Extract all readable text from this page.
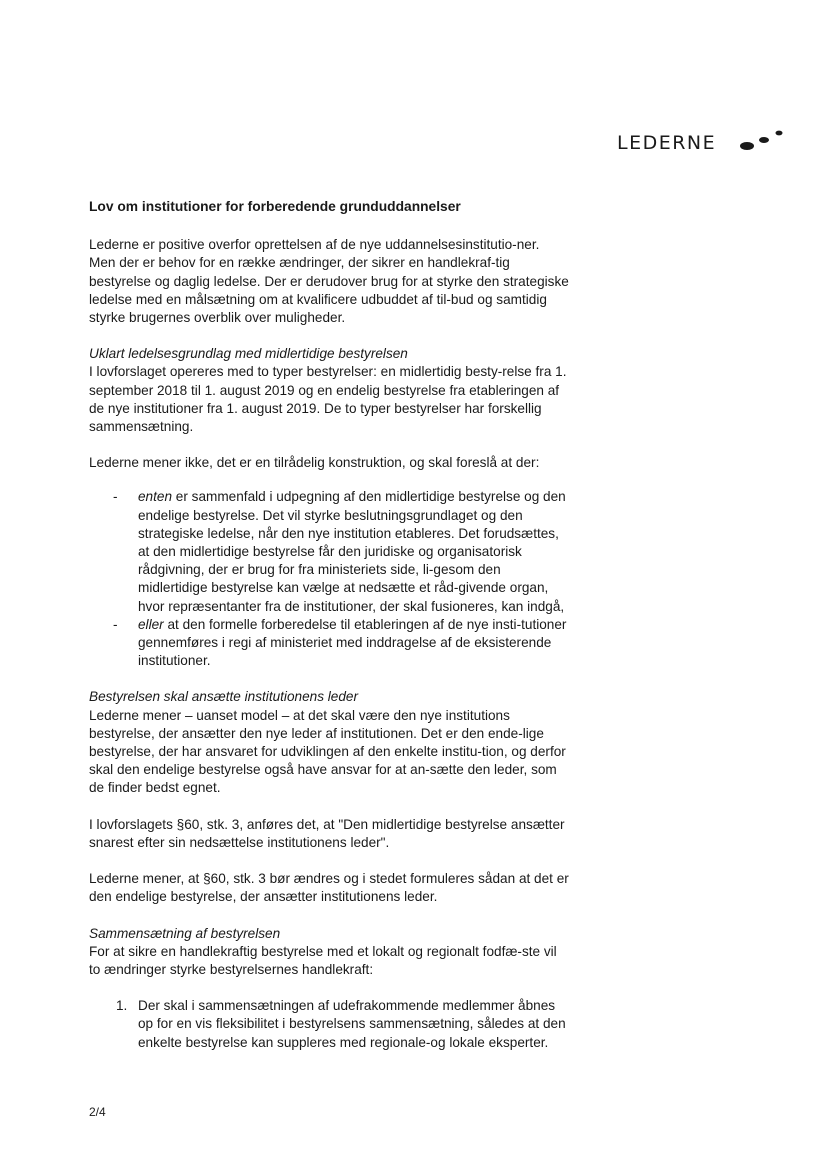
LEDERNE

Lov om institutioner for forberedende grunduddannelser

Lederne er positive overfor oprettelsen af de nye uddannelsesinstitutio-ner. Men der er behov for en række ændringer, der sikrer en handlekraf-tig bestyrelse og daglig ledelse. Der er derudover brug for at styrke den strategiske ledelse med en målsætning om at kvalificere udbuddet af til-bud og samtidig styrke brugernes overblik over muligheder.

Uklart ledelsesgrundlag med midlertidige bestyrelsen

I lovforslaget opereres med to typer bestyrelser: en midlertidig besty-relse fra 1. september 2018 til 1. august 2019 og en endelig bestyrelse fra etableringen af de nye institutioner fra 1. august 2019. De to typer bestyrelser har forskellig sammensætning.

Lederne mener ikke, det er en tilrådelig konstruktion, og skal foreslå at der:

- enten er sammenfald i udpegning af den midlertidige bestyrelse og den endelige bestyrelse. Det vil styrke beslutningsgrundlaget og den strategiske ledelse, når den nye institution etableres. Det forudsættes, at den midlertidige bestyrelse får den juridiske og organisatorisk rådgivning, der er brug for fra ministeriets side, li-gesom den midlertidige bestyrelse kan vælge at nedsætte et råd-givende organ, hvor repræsentanter fra de institutioner, der skal fusioneres, kan indgå,
- eller at den formelle forberedelse til etableringen af de nye insti-tutioner gennemføres i regi af ministeriet med inddragelse af de eksisterende institutioner.

Bestyrelsen skal ansætte institutionens leder

Lederne mener – uanset model – at det skal være den nye institutions bestyrelse, der ansætter den nye leder af institutionen. Det er den ende-lige bestyrelse, der har ansvaret for udviklingen af den enkelte institu-tion, og derfor skal den endelige bestyrelse også have ansvar for at an-sætte den leder, som de finder bedst egnet.

I lovforslagets §60, stk. 3, anføres det, at "Den midlertidige bestyrelse ansætter snarest efter sin nedsættelse institutionens leder".

Lederne mener, at §60, stk. 3 bør ændres og i stedet formuleres sådan at det er den endelige bestyrelse, der ansætter institutionens leder.

Sammensætning af bestyrelsen

For at sikre en handlekraftig bestyrelse med et lokalt og regionalt fodfæ-ste vil to ændringer styrke bestyrelsernes handlekraft:

1. Der skal i sammensætningen af udefrakommende medlemmer åbnes op for en vis fleksibilitet i bestyrelsens sammensætning, således at den enkelte bestyrelse kan suppleres med regionale-og lokale eksperter.
2/4
